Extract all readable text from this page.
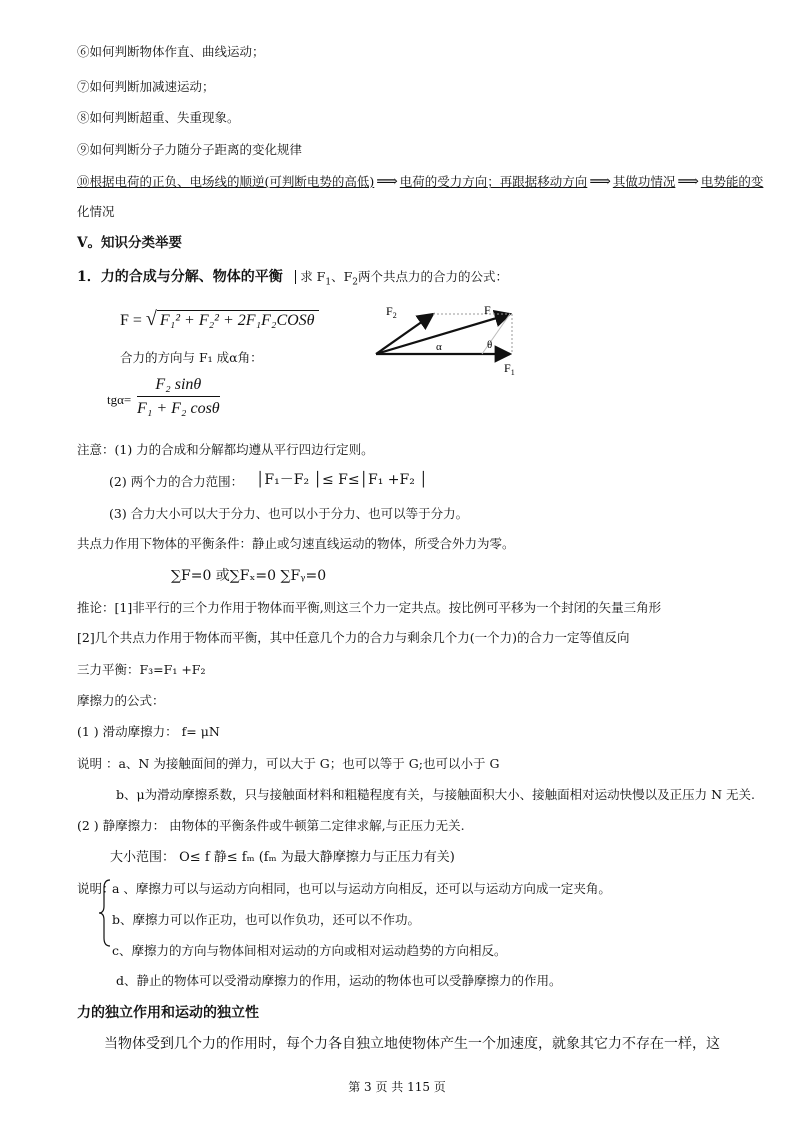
⑥如何判断物体作直、曲线运动；
⑦如何判断加减速运动；
⑧如何判断超重、失重现象。
⑨如何判断分子力随分子距离的变化规律
⑩根据电荷的正负、电场线的顺逆(可判断电势的高低) ⟹ 电荷的受力方向；再跟据移动方向 ⟹ 其做功情况 ⟹ 电势能的变
化情况
V。知识分类举要
1．力的合成与分解、物体的平衡 求 $F_1$、$F_2$两个共点力的合力的公式：
F = √ F₁² + F₂² + 2F₁F₂COSθ
合力的方向与 F₁ 成α角：
$tg\alpha= \frac{\text{F₂ sinθ}}{\text{F₁ + F₂ cosθ}}$
$F_2$	F
$F_1$
α	θ
注意：(1) 力的合成和分解都均遵从平行四边行定则。
(2) 两个力的合力范围： │F₁－F₂ │≤ F≤│F₁ +F₂ │
(3) 合力大小可以大于分力、也可以小于分力、也可以等于分力。
共点力作用下物体的平衡条件：静止或匀速直线运动的物体，所受合外力为零。
∑F=0 或∑Fₓ=0 ∑Fᵧ=0
推论：[1]非平行的三个力作用于物体而平衡,则这三个力一定共点。按比例可平移为一个封闭的矢量三角形
[2]几个共点力作用于物体而平衡，其中任意几个力的合力与剩余几个力(一个力)的合力一定等值反向
三力平衡：F₃=F₁ +F₂
摩擦力的公式：
(1 ) 滑动摩擦力： f= μN
说明 ：a、N 为接触面间的弹力，可以大于 G；也可以等于 G;也可以小于 G
b、μ为滑动摩擦系数，只与接触面材料和粗糙程度有关，与接触面积大小、接触面相对运动快慢以及正压力 N 无关.
(2 ) 静摩擦力： 由物体的平衡条件或牛顿第二定律求解,与正压力无关.
大小范围： O≤ f 静≤ fₘ (fₘ 为最大静摩擦力与正压力有关)
说明：
a 、摩擦力可以与运动方向相同，也可以与运动方向相反，还可以与运动方向成一定夹角。
b、摩擦力可以作正功，也可以作负功，还可以不作功。
c、摩擦力的方向与物体间相对运动的方向或相对运动趋势的方向相反。
d、静止的物体可以受滑动摩擦力的作用，运动的物体也可以受静摩擦力的作用。
力的独立作用和运动的独立性
当物体受到几个力的作用时，每个力各自独立地使物体产生一个加速度，就象其它力不存在一样，这
第 3 页 共 115 页
